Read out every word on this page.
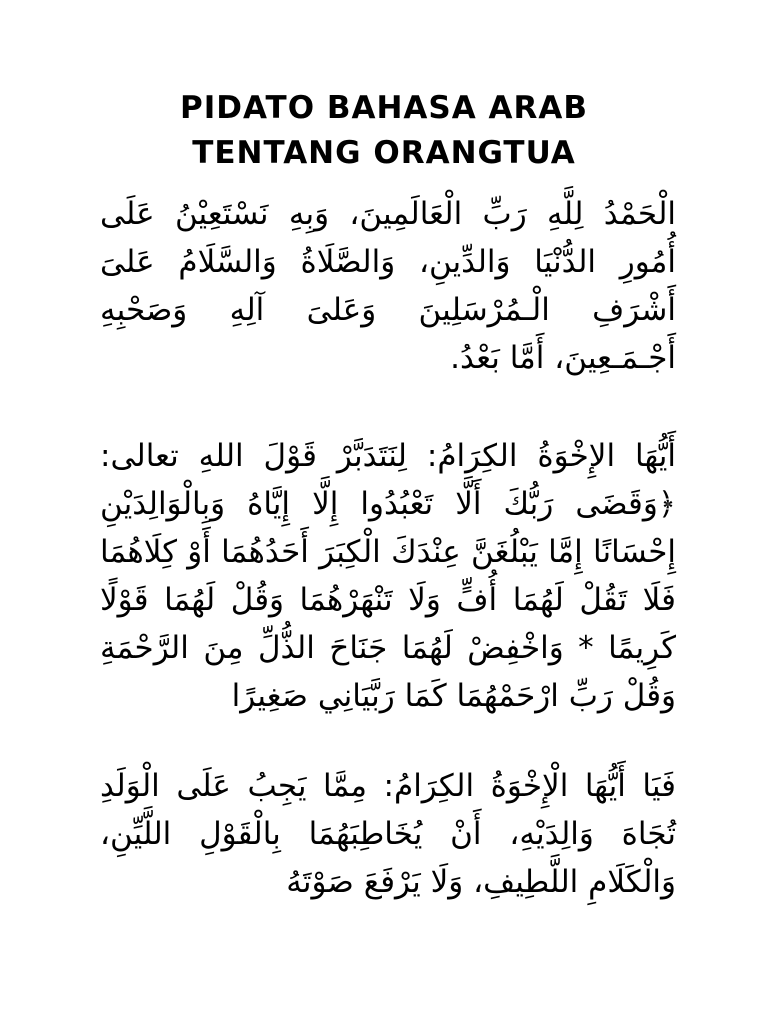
PIDATO BAHASA ARAB
TENTANG ORANGTUA

الْحَمْدُ لِلَّهِ رَبِّ الْعَالَمِينَ، وَبِهِ نَسْتَعِيْنُ عَلَى أُمُورِ الدُّنْيَا وَالدِّينِ، وَالصَّلَاةُ وَالسَّلَامُ عَلىَ أَشْرَفِ الْـمُرْسَلِينَ وَعَلىَ آلِهِ وَصَحْبِهِ أَجْـمَـعِينَ، أَمَّا بَعْدُ.

أَيُّهَا الإِخْوَةُ الكِرَامُ: لِنَتَدَبَّرْ قَوْلَ اللهِ تعالى: ﴿وَقَضَى رَبُّكَ أَلَّا تَعْبُدُوا إِلَّا إِيَّاهُ وَبِالْوَالِدَيْنِ إِحْسَانًا إِمَّا يَبْلُغَنَّ عِنْدَكَ الْكِبَرَ أَحَدُهُمَا أَوْ كِلَاهُمَا فَلَا تَقُلْ لَهُمَا أُفٍّ وَلَا تَنْهَرْهُمَا وَقُلْ لَهُمَا قَوْلًا كَرِيمًا * وَاخْفِضْ لَهُمَا جَنَاحَ الذُّلِّ مِنَ الرَّحْمَةِ وَقُلْ رَبِّ ارْحَمْهُمَا كَمَا رَبَّيَانِي صَغِيرًا

فَيَا أَيُّهَا الْإِخْوَةُ الكِرَامُ: مِمَّا يَجِبُ عَلَى الْوَلَدِ تُجَاهَ وَالِدَيْهِ، أَنْ يُخَاطِبَهُمَا بِالْقَوْلِ اللَّيِّنِ، وَالْكَلَامِ اللَّطِيفِ، وَلَا يَرْفَعَ صَوْتَهُ
